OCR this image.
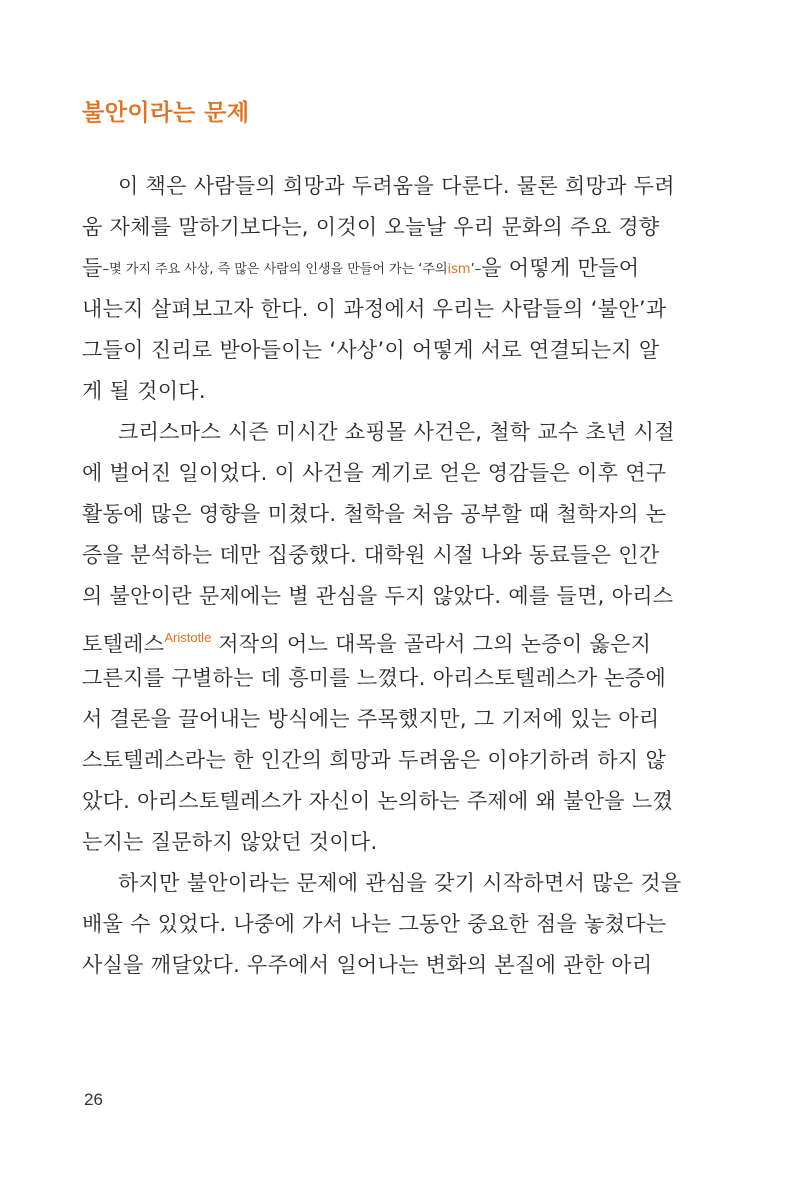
불안이라는 문제
이 책은 사람들의 희망과 두려움을 다룬다. 물론 희망과 두려
움 자체를 말하기보다는, 이것이 오늘날 우리 문화의 주요 경향
들–몇 가지 주요 사상, 즉 많은 사람의 인생을 만들어 가는 ‘주의ism’–을 어떻게 만들어
내는지 살펴보고자 한다. 이 과정에서 우리는 사람들의 ‘불안’과
그들이 진리로 받아들이는 ‘사상’이 어떻게 서로 연결되는지 알
게 될 것이다.
크리스마스 시즌 미시간 쇼핑몰 사건은, 철학 교수 초년 시절
에 벌어진 일이었다. 이 사건을 계기로 얻은 영감들은 이후 연구
활동에 많은 영향을 미쳤다. 철학을 처음 공부할 때 철학자의 논
증을 분석하는 데만 집중했다. 대학원 시절 나와 동료들은 인간
의 불안이란 문제에는 별 관심을 두지 않았다. 예를 들면, 아리스
토텔레스$^{Aristotle}$ 저작의 어느 대목을 골라서 그의 논증이 옳은지
그른지를 구별하는 데 흥미를 느꼈다. 아리스토텔레스가 논증에
서 결론을 끌어내는 방식에는 주목했지만, 그 기저에 있는 아리
스토텔레스라는 한 인간의 희망과 두려움은 이야기하려 하지 않
았다. 아리스토텔레스가 자신이 논의하는 주제에 왜 불안을 느꼈
는지는 질문하지 않았던 것이다.
하지만 불안이라는 문제에 관심을 갖기 시작하면서 많은 것을
배울 수 있었다. 나중에 가서 나는 그동안 중요한 점을 놓쳤다는
사실을 깨달았다. 우주에서 일어나는 변화의 본질에 관한 아리
26
